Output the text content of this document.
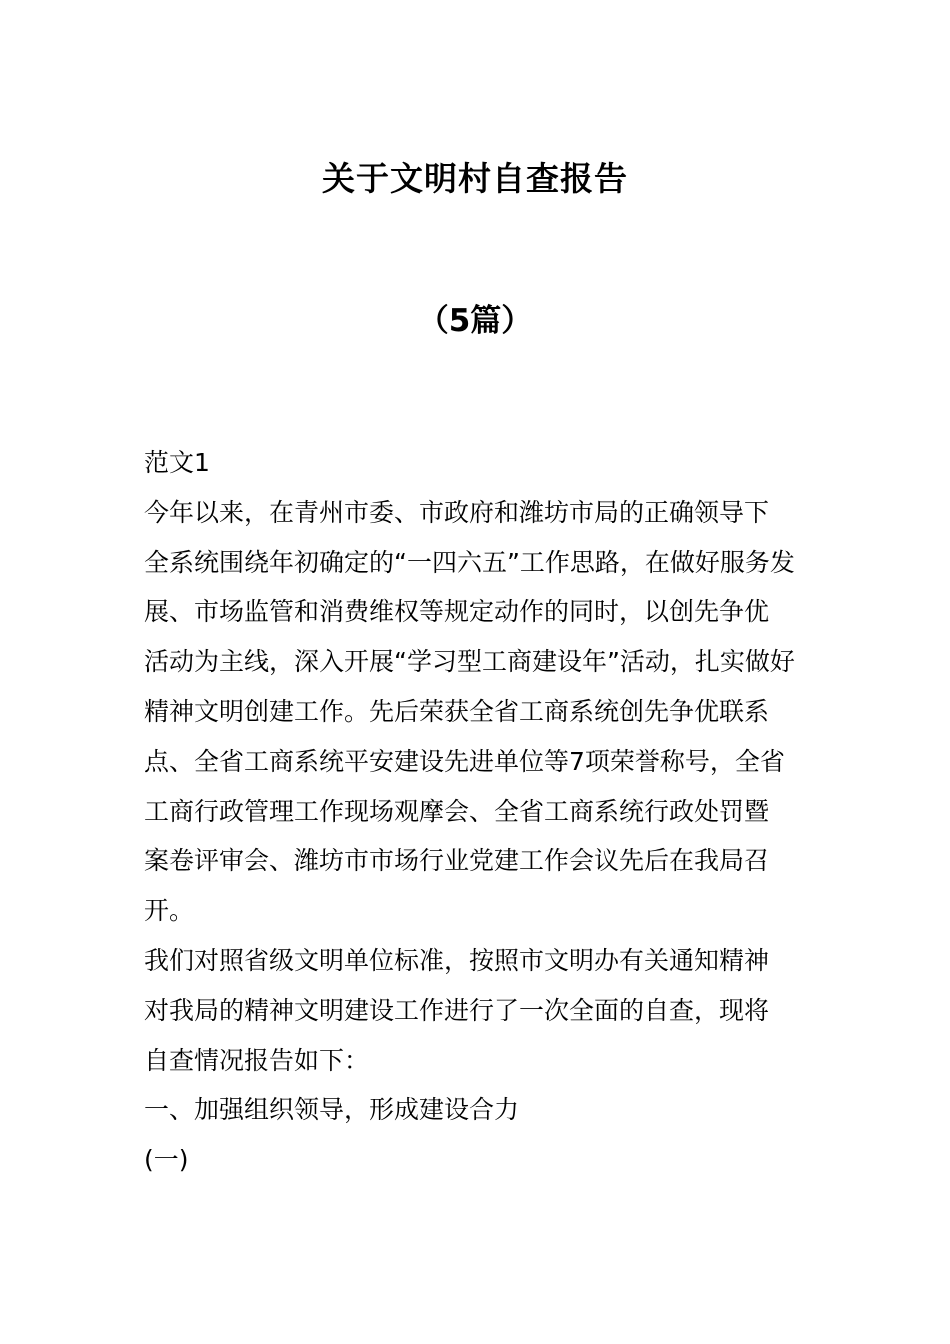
关于文明村自查报告
（5篇）
范文1
今年以来，在青州市委、市政府和潍坊市局的正确领导下
全系统围绕年初确定的“一四六五”工作思路，在做好服务发
展、市场监管和消费维权等规定动作的同时，以创先争优
活动为主线，深入开展“学习型工商建设年”活动，扎实做好
精神文明创建工作。先后荣获全省工商系统创先争优联系
点、全省工商系统平安建设先进单位等7项荣誉称号，全省
工商行政管理工作现场观摩会、全省工商系统行政处罚暨
案卷评审会、潍坊市市场行业党建工作会议先后在我局召
开。
我们对照省级文明单位标准，按照市文明办有关通知精神
对我局的精神文明建设工作进行了一次全面的自查，现将
自查情况报告如下：
一、加强组织领导，形成建设合力
(一)
